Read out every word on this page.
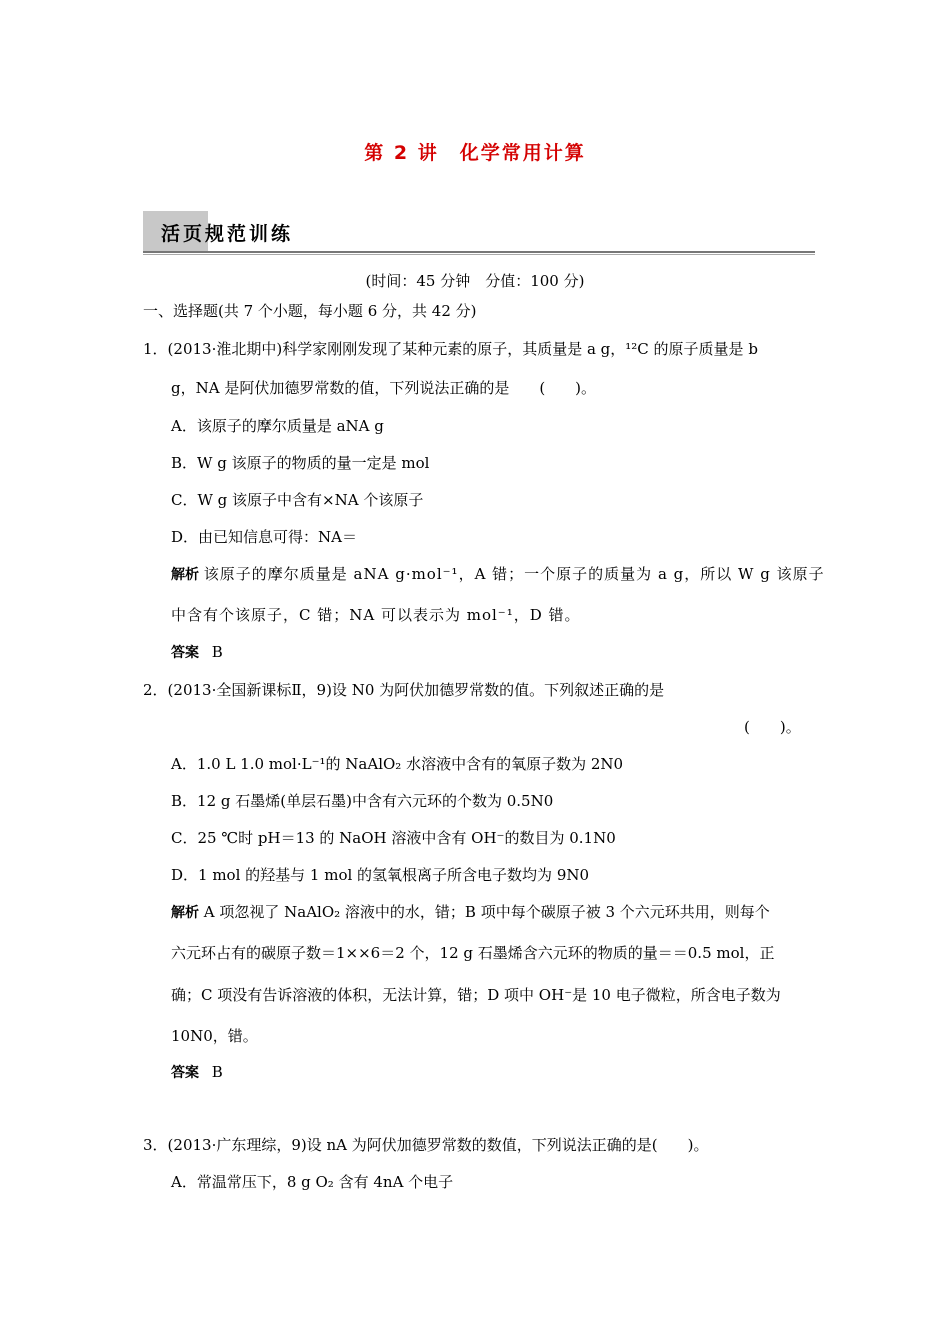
第 2 讲　化学常用计算
活页规范训练
(时间：45 分钟　分值：100 分)
一、选择题(共 7 个小题，每小题 6 分，共 42 分)
1．(2013·淮北期中)科学家刚刚发现了某种元素的原子，其质量是 a g，¹²C 的原子质量是 b
g，NA 是阿伏加德罗常数的值，下列说法正确的是　　(　　)。
A．该原子的摩尔质量是 aNA g
B．W g 该原子的物质的量一定是 mol
C．W g 该原子中含有×NA 个该原子
D．由已知信息可得：NA＝
解析 该原子的摩尔质量是 aNA g·mol⁻¹，A 错；一个原子的质量为 a g，所以 W g 该原子
中含有个该原子，C 错；NA 可以表示为 mol⁻¹，D 错。
答案 B
2．(2013·全国新课标Ⅱ，9)设 N0 为阿伏加德罗常数的值。下列叙述正确的是
(　　)。
A．1.0 L 1.0 mol·L⁻¹的 NaAlO₂ 水溶液中含有的氧原子数为 2N0
B．12 g 石墨烯(单层石墨)中含有六元环的个数为 0.5N0
C．25 ℃时 pH＝13 的 NaOH 溶液中含有 OH⁻的数目为 0.1N0
D．1 mol 的羟基与 1 mol 的氢氧根离子所含电子数均为 9N0
解析 A 项忽视了 NaAlO₂ 溶液中的水，错；B 项中每个碳原子被 3 个六元环共用，则每个
六元环占有的碳原子数＝1××6＝2 个，12 g 石墨烯含六元环的物质的量＝＝0.5 mol，正
确；C 项没有告诉溶液的体积，无法计算，错；D 项中 OH⁻是 10 电子微粒，所含电子数为
10N0，错。
答案 B
3．(2013·广东理综，9)设 nA 为阿伏加德罗常数的数值，下列说法正确的是(　　)。
A．常温常压下，8 g O₂ 含有 4nA 个电子
